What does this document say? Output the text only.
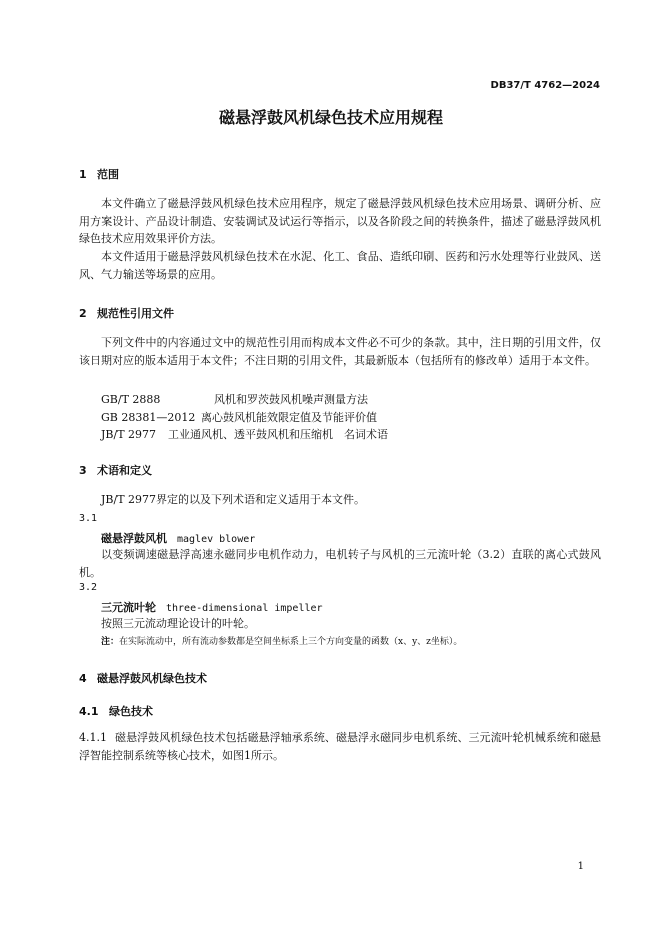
DB37/T 4762—2024
磁悬浮鼓风机绿色技术应用规程
1 范围

本文件确立了磁悬浮鼓风机绿色技术应用程序，规定了磁悬浮鼓风机绿色技术应用场景、调研分析、应用方案设计、产品设计制造、安装调试及试运行等指示，以及各阶段之间的转换条件，描述了磁悬浮鼓风机绿色技术应用效果评价方法。

本文件适用于磁悬浮鼓风机绿色技术在水泥、化工、食品、造纸印刷、医药和污水处理等行业鼓风、送风、气力输送等场景的应用。

2 规范性引用文件

下列文件中的内容通过文中的规范性引用而构成本文件必不可少的条款。其中，注日期的引用文件，仅该日期对应的版本适用于本文件；不注日期的引用文件，其最新版本（包括所有的修改单）适用于本文件。

GB/T 2888	风机和罗茨鼓风机噪声测量方法
GB 28381—2012 离心鼓风机能效限定值及节能评价值
JB/T 2977 工业通风机、透平鼓风机和压缩机　名词术语
3 术语和定义

JB/T 2977界定的以及下列术语和定义适用于本文件。

3.1
磁悬浮鼓风机 maglev blower

以变频调速磁悬浮高速永磁同步电机作动力，电机转子与风机的三元流叶轮（3.2）直联的离心式鼓风机。

3.2
三元流叶轮 three-dimensional impeller

按照三元流动理论设计的叶轮。

注：在实际流动中，所有流动参数都是空间坐标系上三个方向变量的函数（x、y、z坐标）。
4 磁悬浮鼓风机绿色技术
4.1 绿色技术

4.1.1 磁悬浮鼓风机绿色技术包括磁悬浮轴承系统、磁悬浮永磁同步电机系统、三元流叶轮机械系统和磁悬浮智能控制系统等核心技术，如图1所示。

1
